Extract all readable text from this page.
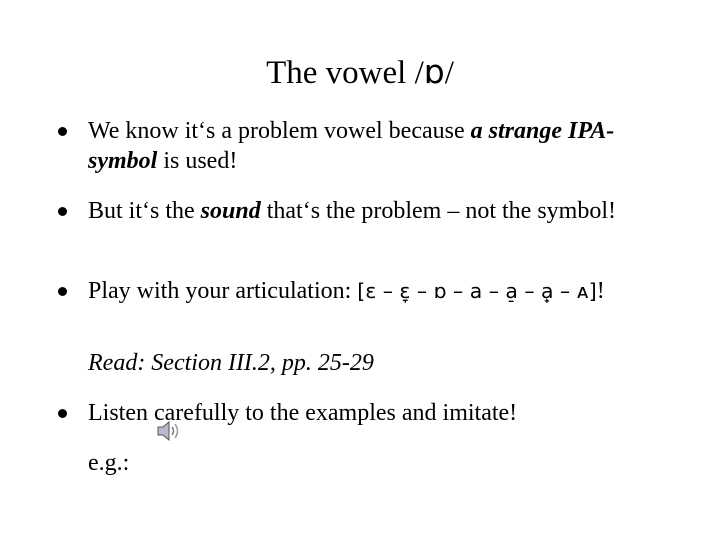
The vowel /ɒ/
We know it‘s a problem vowel because a strange IPA-symbol is used!
But it‘s the sound that‘s the problem – not the symbol!
Play with your articulation: [ɛ – ɛ̞ – ɒ – a – a̠ – a̟ – ᴀ]!
Read: Section III.2, pp. 25-29
Listen carefully to the examples and imitate!
e.g.:
